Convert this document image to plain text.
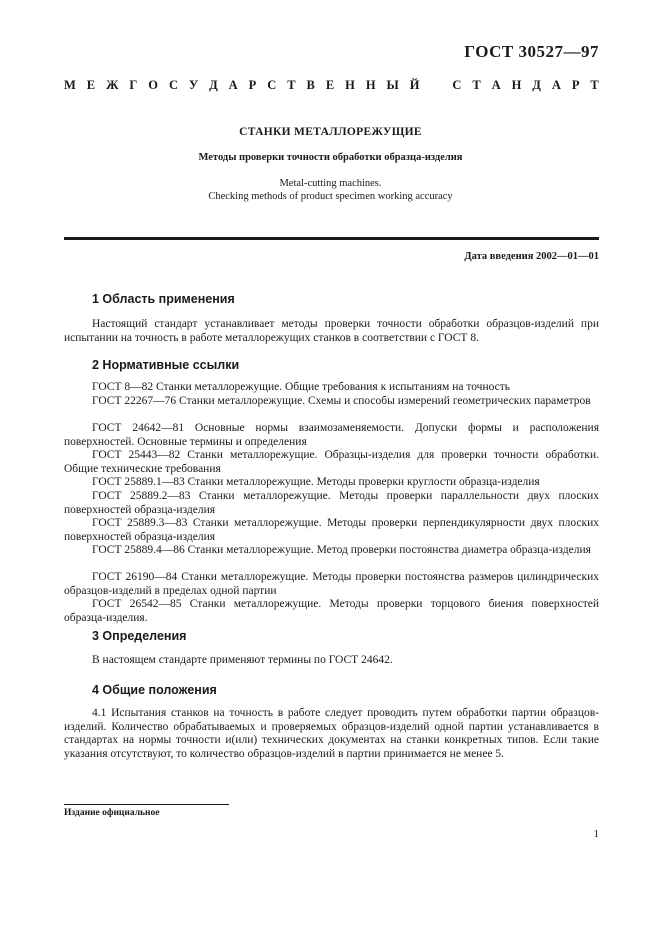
ГОСТ 30527—97
М Е Ж Г О С У Д А Р С Т В Е Н Н Ы Й	С Т А Н Д А Р Т
СТАНКИ МЕТАЛЛОРЕЖУЩИЕ
Методы проверки точности обработки образца-изделия
Metal-cutting machines.
Checking methods of product specimen working accuracy
Дата введения 2002—01—01
1 Область применения

Настоящий стандарт устанавливает методы проверки точности обработки образцов-изделий при испытании на точность в работе металлорежущих станков в соответствии с ГОСТ 8.

2 Нормативные ссылки

ГОСТ 8—82 Станки металлорежущие. Общие требования к испытаниям на точность

ГОСТ 22267—76 Станки металлорежущие. Схемы и способы измерений геометрических параметров

ГОСТ 24642—81 Основные нормы взаимозаменяемости. Допуски формы и расположения поверхностей. Основные термины и определения

ГОСТ 25443—82 Станки металлорежущие. Образцы-изделия для проверки точности обработки. Общие технические требования

ГОСТ 25889.1—83 Станки металлорежущие. Методы проверки круглости образца-изделия

ГОСТ 25889.2—83 Станки металлорежущие. Методы проверки параллельности двух плоских поверхностей образца-изделия

ГОСТ 25889.3—83 Станки металлорежущие. Методы проверки перпендикулярности двух плоских поверхностей образца-изделия

ГОСТ 25889.4—86 Станки металлорежущие. Метод проверки постоянства диаметра образца-изделия

ГОСТ 26190—84 Станки металлорежущие. Методы проверки постоянства размеров цилиндрических образцов-изделий в пределах одной партии

ГОСТ 26542—85 Станки металлорежущие. Методы проверки торцового биения поверхностей образца-изделия.

3 Определения

В настоящем стандарте применяют термины по ГОСТ 24642.

4 Общие положения

4.1 Испытания станков на точность в работе следует проводить путем обработки партии образцов-изделий. Количество обрабатываемых и проверяемых образцов-изделий одной партии устанавливается в стандартах на нормы точности и(или) технических документах на станки конкретных типов. Если такие указания отсутствуют, то количество образцов-изделий в партии принимается не менее 5.

Издание официальное
1
